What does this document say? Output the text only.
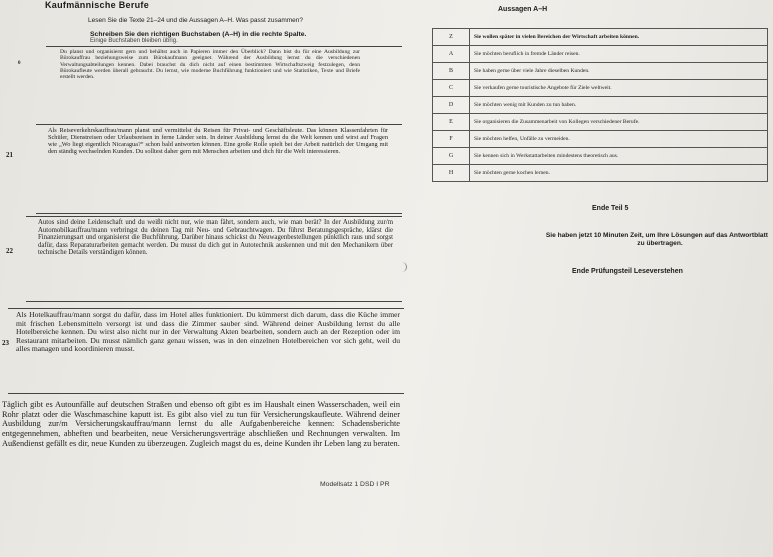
Kaufmännische Berufe	Aussagen A–H
Lesen Sie die Texte 21–24 und die Aussagen A–H. Was passt zusammen?
Schreiben Sie den richtigen Buchstaben (A–H) in die rechte Spalte.
Einige Buchstaben bleiben übrig.
0
Du planst und organisierst gern und behältst auch in Papieren immer den Überblick? Dann bist du für eine Ausbildung zur Bürokauffrau beziehungsweise zum Bürokaufmann geeignet. Während der Ausbildung lernst du die verschiedenen Verwaltungsabteilungen kennen. Dabei brauchst du dich nicht auf einen bestimmten Wirtschaftszweig festzulegen, denn Bürokaufleute werden überall gebraucht. Du lernst, wie moderne Buchführung funktioniert und wie Statistiken, Texte und Briefe erstellt werden.
21
Als Reiseverkehrskauffrau/mann planst und vermittelst du Reisen für Privat- und Geschäftsleute. Das können Klassenfahrten für Schüler, Dienstreisen oder Urlaubsreisen in ferne Länder sein. In deiner Ausbildung lernst du die Welt kennen und wirst auf Fragen wie „Wo liegt eigentlich Nicaragua?“ schon bald antworten können. Eine große Rolle spielt bei der Arbeit natürlich der Umgang mit den ständig wechselnden Kunden. Du solltest daher gern mit Menschen arbeiten und dich für die Welt interessieren.
22
Autos sind deine Leidenschaft und du weißt nicht nur, wie man fährt, sondern auch, wie man berät? In der Ausbildung zur/m Automobilkauffrau/mann verbringst du deinen Tag mit Neu- und Gebrauchtwagen. Du führst Beratungsgespräche, klärst die Finanzierungsart und organisierst die Buchführung. Darüber hinaus schickst du Neuwagenbestellungen pünktlich raus und sorgst dafür, dass Reparaturarbeiten gemacht werden. Du musst du dich gut in Autotechnik auskennen und mit den Mechanikern über technische Details verständigen können.
23
Als Hotelkauffrau/mann sorgst du dafür, dass im Hotel alles funktioniert. Du kümmerst dich darum, dass die Küche immer mit frischen Lebensmitteln versorgt ist und dass die Zimmer sauber sind. Während deiner Ausbildung lernst du alle Hotelbereiche kennen. Du wirst also nicht nur in der Verwaltung Akten bearbeiten, sondern auch an der Rezeption oder im Restaurant mitarbeiten. Du musst nämlich ganz genau wissen, was in den einzelnen Hotelbereichen vor sich geht, weil du alles managen und koordinieren musst.
Täglich gibt es Autounfälle auf deutschen Straßen und ebenso oft gibt es im Haushalt einen Wasserschaden, weil ein Rohr platzt oder die Waschmaschine kaputt ist. Es gibt also viel zu tun für Versicherungskaufleute. Während deiner Ausbildung zur/m Versicherungskauffrau/mann lernst du alle Aufgabenbereiche kennen: Schadensberichte entgegennehmen, abheften und bearbeiten, neue Versicherungsverträge abschließen und Rechnungen verwalten. Im Außendienst gefällt es dir, neue Kunden zu überzeugen. Zugleich magst du es, deine Kunden ihr Leben lang zu beraten.
Z	Sie wollen später in vielen Bereichen der Wirtschaft arbeiten können.
A	Sie möchten beruflich in fremde Länder reisen.
B	Sie haben gerne über viele Jahre dieselben Kunden.
C	Sie verkaufen gerne touristische Angebote für Ziele weltweit.
D	Sie möchten wenig mit Kunden zu tun haben.
E	Sie organisieren die Zusammenarbeit von Kollegen verschiedener Berufe.
F	Sie möchten helfen, Unfälle zu vermeiden.
G	Sie kennen sich in Werkstattarbeiten mindestens theoretisch aus.
H	Sie möchten gerne kochen lernen.
Ende Teil 5
Sie haben jetzt 10 Minuten Zeit, um Ihre Lösungen auf das Antwortblatt
zu übertragen.
Ende Prüfungsteil Leseverstehen
Modellsatz 1 DSD I PR
